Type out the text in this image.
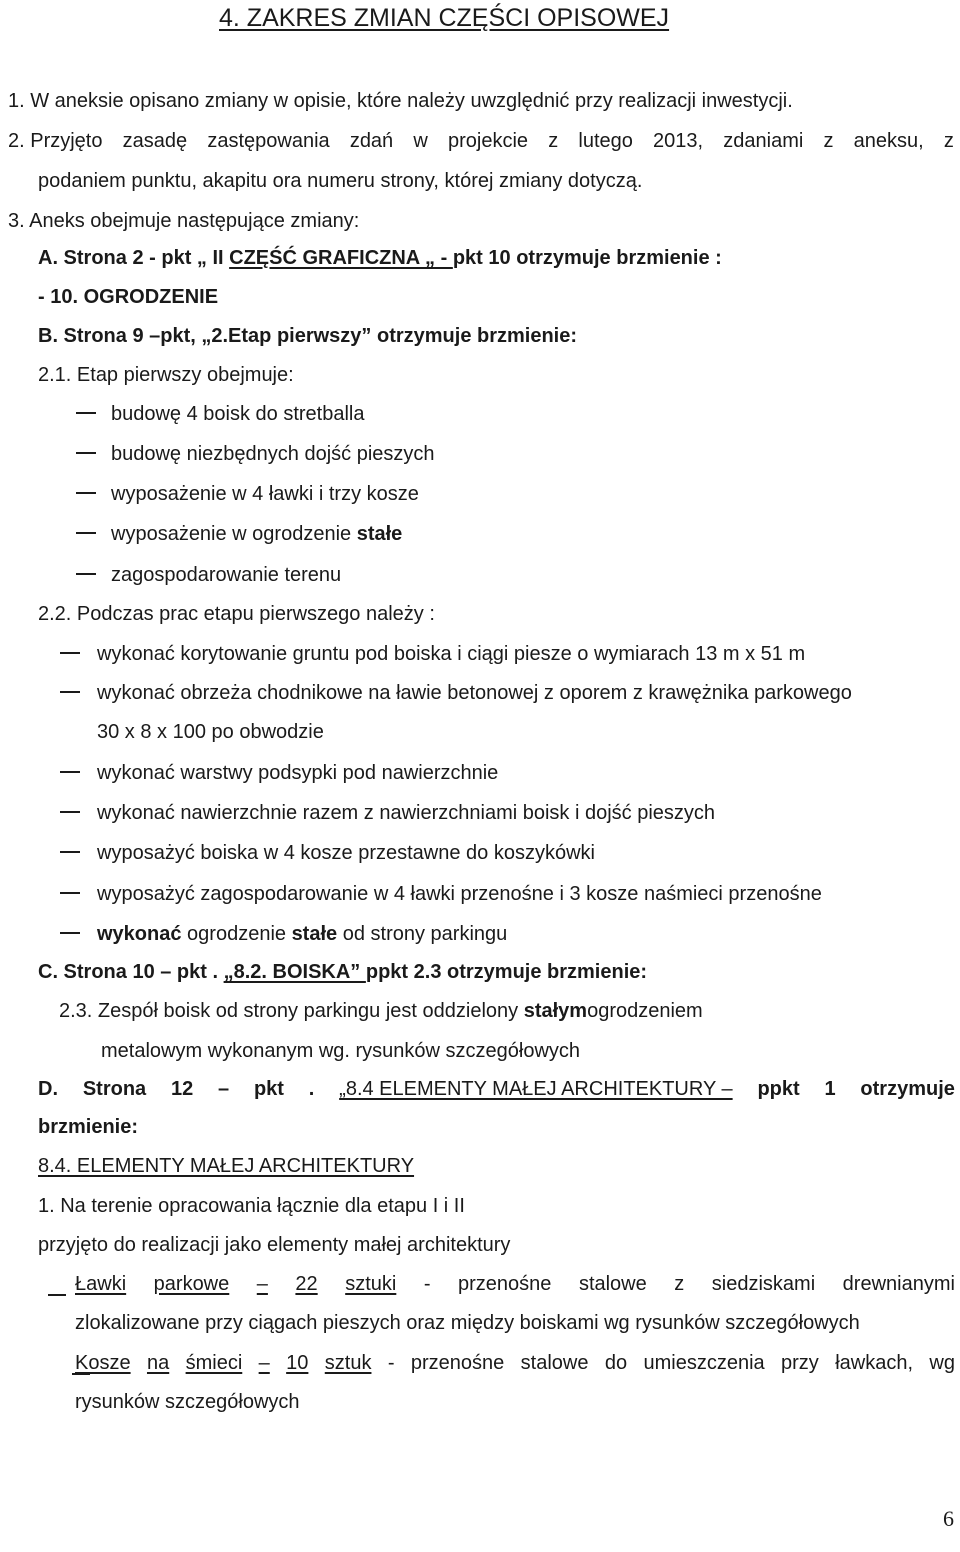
4. ZAKRES ZMIAN CZĘŚCI OPISOWEJ
1. W aneksie opisano zmiany w opisie, które należy uwzględnić przy realizacji inwestycji.
2. Przyjęto zasadę zastępowania zdań w projekcie z lutego 2013, zdaniami z aneksu, z
podaniem punktu, akapitu ora numeru strony, której zmiany dotyczą.
3. Aneks obejmuje następujące zmiany:
A. Strona 2 - pkt „ II CZĘŚĆ GRAFICZNA „ - pkt 10 otrzymuje brzmienie :
- 10. OGRODZENIE
B. Strona 9 –pkt, „2.Etap pierwszy” otrzymuje brzmienie:
2.1. Etap pierwszy obejmuje:
budowę 4 boisk do stretballa
budowę niezbędnych dojść pieszych
wyposażenie w 4 ławki i trzy kosze
wyposażenie w ogrodzenie stałe
zagospodarowanie terenu
2.2. Podczas prac etapu pierwszego należy :
wykonać korytowanie gruntu pod boiska i ciągi piesze o wymiarach 13 m x 51 m
wykonać obrzeża chodnikowe na ławie betonowej z oporem z krawężnika parkowego
30 x 8 x 100 po obwodzie
wykonać warstwy podsypki pod nawierzchnie
wykonać nawierzchnie razem z nawierzchniami boisk i dojść pieszych
wyposażyć boiska w 4 kosze przestawne do koszykówki
wyposażyć zagospodarowanie w 4 ławki przenośne i 3 kosze naśmieci przenośne
wykonać ogrodzenie stałe od strony parkingu
C. Strona 10 – pkt . „8.2. BOISKA” ppkt 2.3 otrzymuje brzmienie:
2.3. Zespół boisk od strony parkingu jest oddzielony stałymogrodzeniem
metalowym wykonanym wg. rysunków szczegółowych
D. Strona 12 – pkt . „8.4 ELEMENTY MAŁEJ ARCHITEKTURY – ppkt 1 otrzymuje
brzmienie:
8.4. ELEMENTY MAŁEJ ARCHITEKTURY
1. Na terenie opracowania łącznie dla etapu I i II
przyjęto do realizacji jako elementy małej architektury

Ławki parkowe – 22 sztuki - przenośne stalowe z siedziskami drewnianymi
zlokalizowane przy ciągach pieszych oraz między boiskami wg rysunków szczegółowych
Kosze na śmieci – 10 sztuk - przenośne stalowe do umieszczenia przy ławkach, wg
rysunków szczegółowych
6
